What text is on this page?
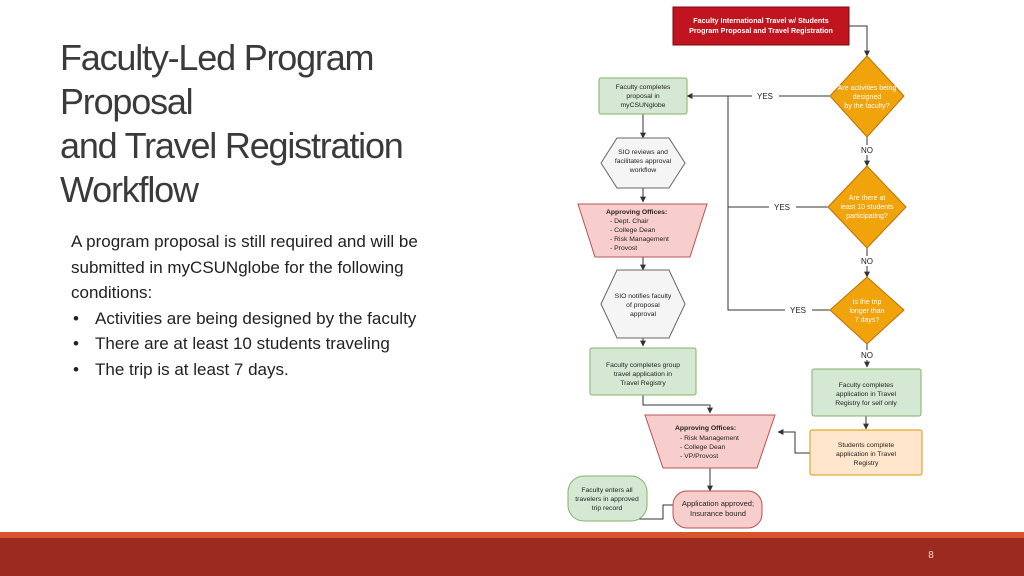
Faculty-Led Program
Proposal
and Travel Registration
Workflow
A program proposal is still required and will be
submitted in myCSUNglobe for the following
conditions:
• Activities are being designed by the faculty
• There are at least 10 students traveling
• The trip is at least 7 days.
Faculty International Travel w/ Students
Program Proposal and Travel Registration
Are activities being
designed
by the faculty?
Are there at
least 10 students
participating?
Is the trip
longer than
7 days?
YES
YES
YES
NO
NO
NO
Faculty completes
proposal in
myCSUNglobe
SIO reviews and
facilitates approval
workflow
Approving Offices:
- Dept. Chair
- College Dean
- Risk Management
- Provost
SIO notifies faculty
of proposal
approval
Faculty completes group
travel application in
Travel Registry	Faculty completes
application in Travel
Registry for self only
Approving Offices:
- Risk Management
- College Dean
- VP/Provost
Students complete
application in Travel
Registry
Application approved;
Insurance bound
Faculty enters all
travelers in approved
trip record
8
